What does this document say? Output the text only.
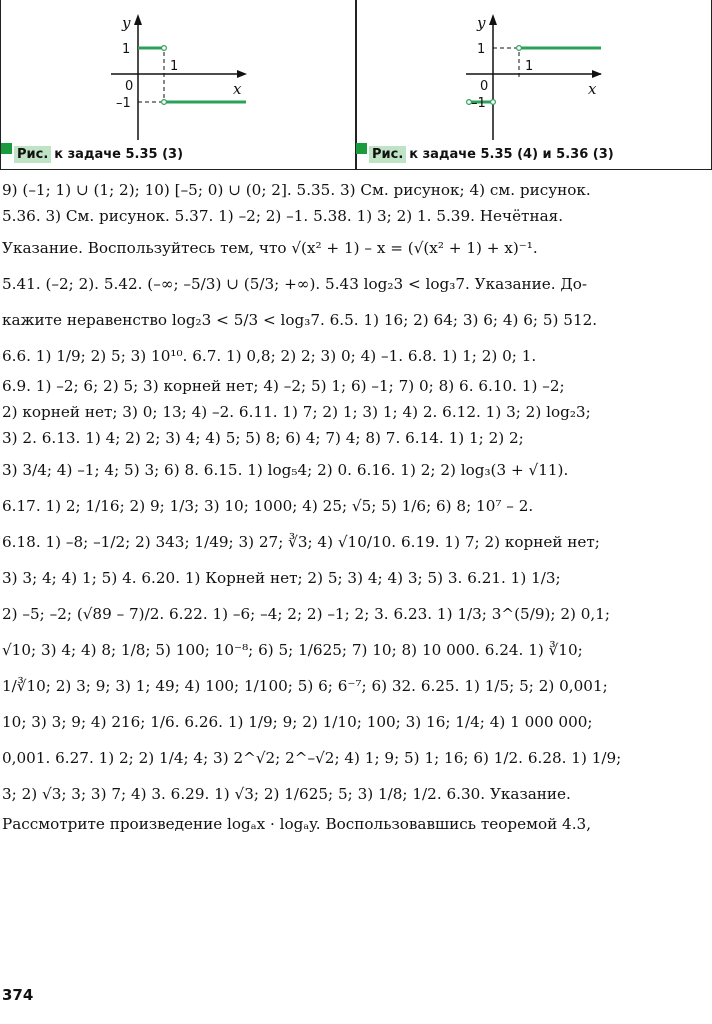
y
x
1
–1
0
1
Рис. к задаче 5.35 (3)
y
x
1
–1
0
1
Рис. к задаче 5.35 (4) и 5.36 (3)
9) (–1; 1) ∪ (1; 2); 10) [–5; 0) ∪ (0; 2]. 5.35. 3) См. рисунок; 4) см. рисунок.
5.36. 3) См. рисунок. 5.37. 1) –2; 2) –1. 5.38. 1) 3; 2) 1. 5.39. Нечётная.
Указание. Воспользуйтесь тем, что √(x² + 1) – x = (√(x² + 1) + x)⁻¹.
5.41. (–2; 2). 5.42. (–∞; –5/3) ∪ (5/3; +∞). 5.43 log₂3 < log₃7. Указание. До-
кажите неравенство log₂3 < 5/3 < log₃7. 6.5. 1) 16; 2) 64; 3) 6; 4) 6; 5) 512.
6.6. 1) 1/9; 2) 5; 3) 10¹⁰. 6.7. 1) 0,8; 2) 2; 3) 0; 4) –1. 6.8. 1) 1; 2) 0; 1.
6.9. 1) –2; 6; 2) 5; 3) корней нет; 4) –2; 5) 1; 6) –1; 7) 0; 8) 6. 6.10. 1) –2;
2) корней нет; 3) 0; 13; 4) –2. 6.11. 1) 7; 2) 1; 3) 1; 4) 2. 6.12. 1) 3; 2) log₂3;
3) 2. 6.13. 1) 4; 2) 2; 3) 4; 4) 5; 5) 8; 6) 4; 7) 4; 8) 7. 6.14. 1) 1; 2) 2;
3) 3/4; 4) –1; 4; 5) 3; 6) 8. 6.15. 1) log₅4; 2) 0. 6.16. 1) 2; 2) log₃(3 + √11).
6.17. 1) 2; 1/16; 2) 9; 1/3; 3) 10; 1000; 4) 25; √5; 5) 1/6; 6) 8; 10⁷ – 2.
6.18. 1) –8; –1/2; 2) 343; 1/49; 3) 27; ∛3; 4) √10/10. 6.19. 1) 7; 2) корней нет;
3) 3; 4; 4) 1; 5) 4. 6.20. 1) Корней нет; 2) 5; 3) 4; 4) 3; 5) 3. 6.21. 1) 1/3;
2) –5; –2; (√89 – 7)/2. 6.22. 1) –6; –4; 2; 2) –1; 2; 3. 6.23. 1) 1/3; 3^(5/9); 2) 0,1;
√10; 3) 4; 4) 8; 1/8; 5) 100; 10⁻⁸; 6) 5; 1/625; 7) 10; 8) 10 000. 6.24. 1) ∛10;
1/∛10; 2) 3; 9; 3) 1; 49; 4) 100; 1/100; 5) 6; 6⁻⁷; 6) 32. 6.25. 1) 1/5; 5; 2) 0,001;
10; 3) 3; 9; 4) 216; 1/6. 6.26. 1) 1/9; 9; 2) 1/10; 100; 3) 16; 1/4; 4) 1 000 000;
0,001. 6.27. 1) 2; 2) 1/4; 4; 3) 2^√2; 2^–√2; 4) 1; 9; 5) 1; 16; 6) 1/2. 6.28. 1) 1/9;
3; 2) √3; 3; 3) 7; 4) 3. 6.29. 1) √3; 2) 1/625; 5; 3) 1/8; 1/2. 6.30. Указание.
Рассмотрите произведение logₐx · logₐy. Воспользовавшись теоремой 4.3,
374
